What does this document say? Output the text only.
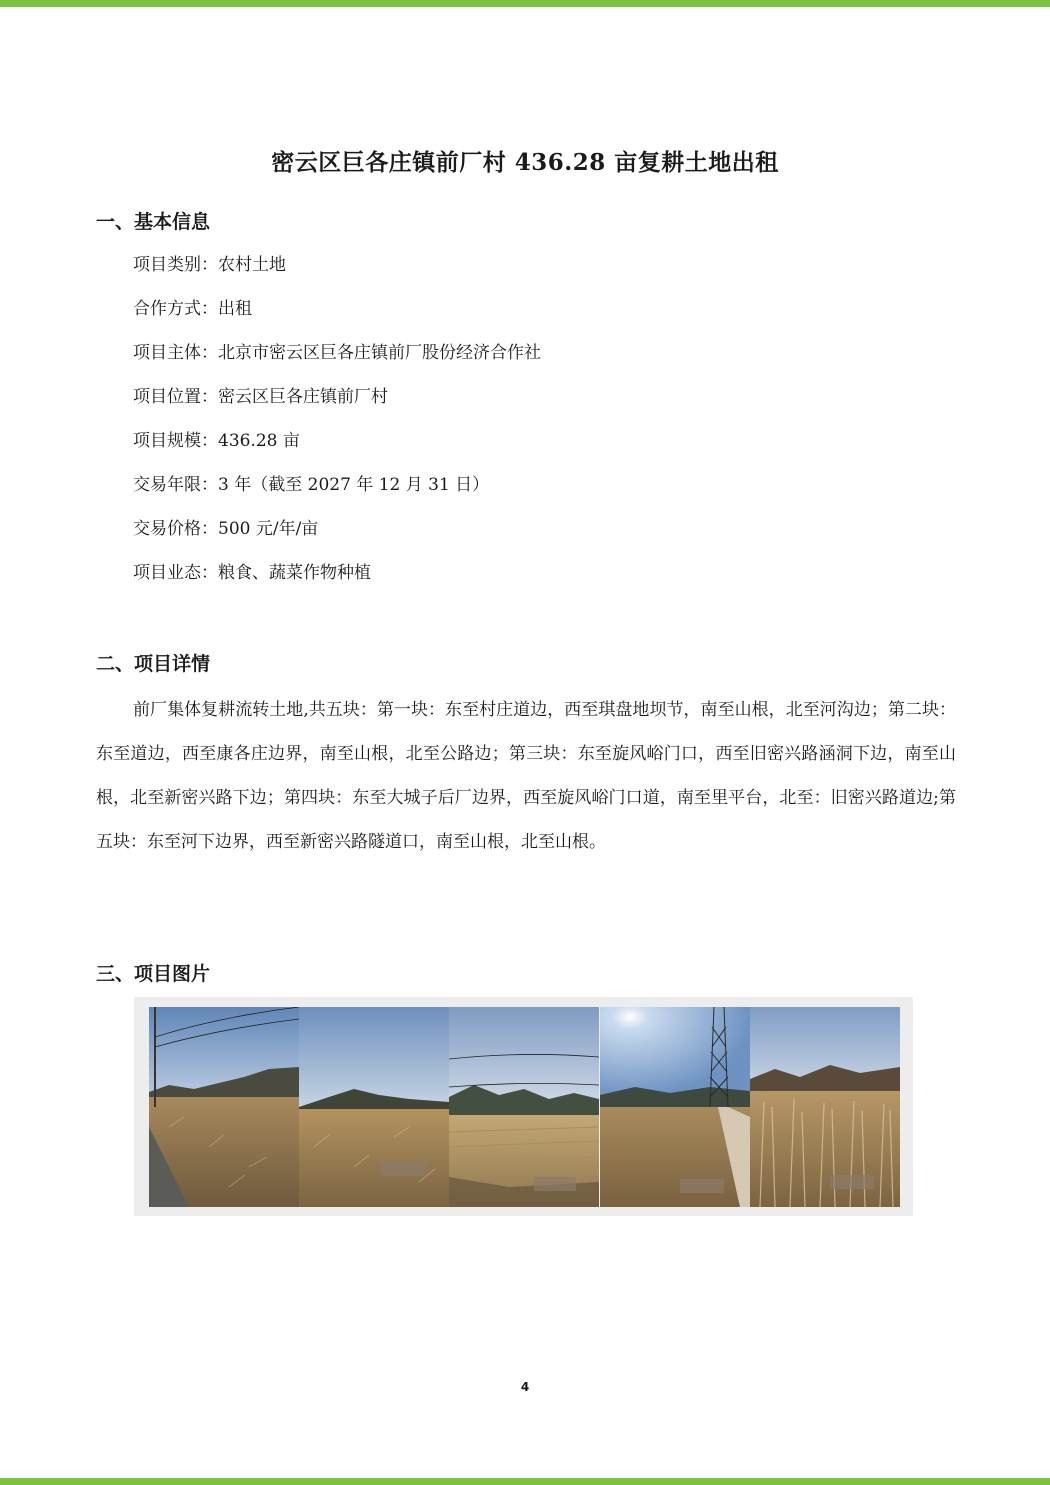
密云区巨各庄镇前厂村 436.28 亩复耕土地出租
一、基本信息
项目类别：农村土地
合作方式：出租
项目主体：北京市密云区巨各庄镇前厂股份经济合作社
项目位置：密云区巨各庄镇前厂村
项目规模：436.28 亩
交易年限：3 年（截至 2027 年 12 月 31 日）
交易价格：500 元/年/亩
项目业态：粮食、蔬菜作物种植
二、项目详情

前厂集体复耕流转土地,共五块：第一块：东至村庄道边，西至琪盘地坝节，南至山根，北至河沟边；第二块：东至道边，西至康各庄边界，南至山根，北至公路边；第三块：东至旋风峪门口，西至旧密兴路涵洞下边，南至山根，北至新密兴路下边；第四块：东至大城子后厂边界，西至旋风峪门口道，南至里平台，北至：旧密兴路道边;第五块：东至河下边界，西至新密兴路隧道口，南至山根，北至山根。

三、项目图片
4
